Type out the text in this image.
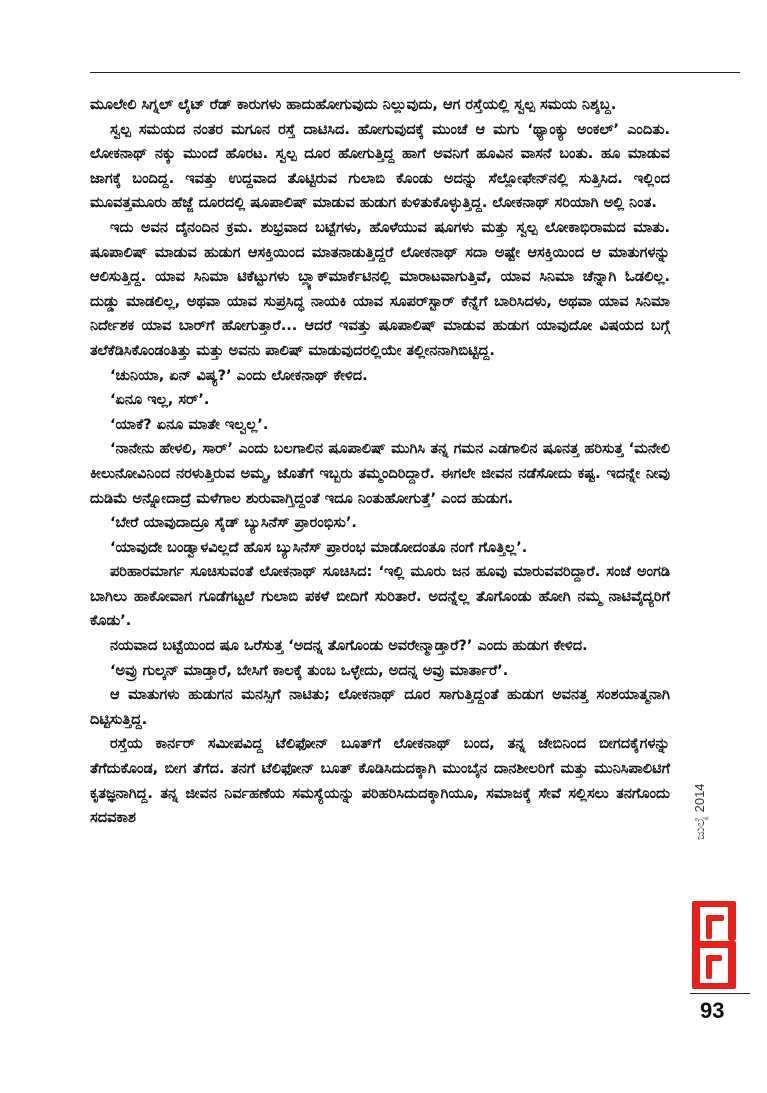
ಮೂಲೇಲಿ ಸಿಗ್ನಲ್ ಲೈಟ್ ರೆಡ್ ಕಾರುಗಳು ಹಾದುಹೋಗುವುದು ನಿಲ್ಲುವುದು, ಆಗ ರಸ್ತೆಯಲ್ಲಿ ಸ್ವಲ್ಪ ಸಮಯ ನಿಶ್ಶಬ್ದ.

ಸ್ವಲ್ಪ ಸಮಯದ ನಂತರ ಮಗೂನ ರಸ್ತೆ ದಾಟಿಸಿದ. ಹೋಗುವುದಕ್ಕೆ ಮುಂಚೆ ಆ ಮಗು ‘ಥ್ಯಾಂಕ್ಯು ಅಂಕಲ್’ ಎಂದಿತು. ಲೋಕನಾಥ್ ನಕ್ಕು ಮುಂದೆ ಹೊರಟ. ಸ್ವಲ್ಪ ದೂರ ಹೋಗುತ್ತಿದ್ದ ಹಾಗೆ ಅವನಿಗೆ ಹೂವಿನ ವಾಸನೆ ಬಂತು. ಹೂ ಮಾಡುವ ಜಾಗಕ್ಕೆ ಬಂದಿದ್ದ. ಇವತ್ತು ಉದ್ದವಾದ ತೊಟ್ಟಿರುವ ಗುಲಾಬಿ ಕೊಂಡು ಅದನ್ನು ಸೆಲ್ಲೋಫೇನ್‌ನಲ್ಲಿ ಸುತ್ತಿಸಿದ. ಇಲ್ಲಿಂದ ಮೂವತ್ತಮೂರು ಹೆಜ್ಜೆ ದೂರದಲ್ಲಿ ಷೂಪಾಲಿಷ್ ಮಾಡುವ ಹುಡುಗ ಕುಳಿತುಕೊಳ್ಳುತ್ತಿದ್ದ. ಲೋಕನಾಥ್ ಸರಿಯಾಗಿ ಅಲ್ಲಿ ನಿಂತ.

ಇದು ಅವನ ದೈನಂದಿನ ಕ್ರಮ. ಶುಭ್ರವಾದ ಬಟ್ಟೆಗಳು, ಹೊಳೆಯುವ ಷೂಗಳು ಮತ್ತು ಸ್ವಲ್ಪ ಲೋಕಾಭಿರಾಮದ ಮಾತು. ಷೂಪಾಲಿಷ್ ಮಾಡುವ ಹುಡುಗ ಆಸಕ್ತಿಯಿಂದ ಮಾತನಾಡುತ್ತಿದ್ದರೆ ಲೋಕನಾಥ್ ಸದಾ ಅಷ್ಟೇ ಆಸಕ್ತಿಯಿಂದ ಆ ಮಾತುಗಳನ್ನು ಆಲಿಸುತ್ತಿದ್ದ. ಯಾವ ಸಿನಿಮಾ ಟಿಕೆಟ್ಟುಗಳು ಬ್ಲ್ಯಾಕ್‌ಮಾರ್ಕೆಟಿನಲ್ಲಿ ಮಾರಾಟವಾಗುತ್ತಿವೆ, ಯಾವ ಸಿನಿಮಾ ಚೆನ್ನಾಗಿ ಓಡಲಿಲ್ಲ. ದುಡ್ಡು ಮಾಡಲಿಲ್ಲ, ಅಥವಾ ಯಾವ ಸುಪ್ರಸಿದ್ಧ ನಾಯಕಿ ಯಾವ ಸೂಪರ್‌ಸ್ಟಾರ್ ಕೆನ್ನೆಗೆ ಬಾರಿಸಿದಳು, ಅಥವಾ ಯಾವ ಸಿನಿಮಾ ನಿರ್ದೇಶಕ ಯಾವ ಬಾರ್‌ಗೆ ಹೋಗುತ್ತಾರೆ... ಆದರೆ ಇವತ್ತು ಷೂಪಾಲಿಷ್ ಮಾಡುವ ಹುಡುಗ ಯಾವುದೋ ವಿಷಯದ ಬಗ್ಗೆ ತಲೆಕೆಡಿಸಿಕೊಂಡಂತಿತ್ತು ಮತ್ತು ಅವನು ಪಾಲಿಷ್ ಮಾಡುವುದರಲ್ಲಿಯೇ ತಲ್ಲೀನನಾಗಿಬಿಟ್ಟಿದ್ದ.

‘ಚುನಿಯಾ, ಏನ್ ವಿಷ್ಯ?’ ಎಂದು ಲೋಕನಾಥ್ ಕೇಳಿದ.

‘ಏನೂ ಇಲ್ಲ, ಸರ್’.

‘ಯಾಕೆ? ಏನೂ ಮಾತೇ ಇಲ್ವಲ್ಲ’.

‘ನಾನೇನು ಹೇಳಲಿ, ಸಾರ್’ ಎಂದು ಬಲಗಾಲಿನ ಷೂಪಾಲಿಷ್ ಮುಗಿಸಿ ತನ್ನ ಗಮನ ಎಡಗಾಲಿನ ಷೂನತ್ತ ಹರಿಸುತ್ತ ‘ಮನೇಲಿ ಕೀಲುನೋವಿನಿಂದ ನರಳುತ್ತಿರುವ ಅಮ್ಮ, ಜೊತೆಗೆ ಇಬ್ಬರು ತಮ್ಮಂದಿರಿದ್ದಾರೆ. ಈಗಲೇ ಜೀವನ ನಡೆಸೋದು ಕಷ್ಟ. ಇದನ್ನೇ ನೀವು ದುಡಿಮೆ ಅನ್ನೋದಾದ್ರೆ ಮಳೆಗಾಲ ಶುರುವಾಗ್ತಿದ್ದಂತೆ ಇದೂ ನಿಂತುಹೋಗುತ್ತೆ’ ಎಂದ ಹುಡುಗ.

‘ಬೇರೆ ಯಾವುದಾದ್ರೂ ಸೈಡ್ ಬ್ಯುಸಿನೆಸ್ ಪ್ರಾರಂಭಿಸು’.

‘ಯಾವುದೇ ಬಂಡ್ವಾಳವಿಲ್ಲದೆ ಹೊಸ ಬ್ಯುಸಿನೆಸ್ ಪ್ರಾರಂಭ ಮಾಡೋದಂತೂ ನಂಗೆ ಗೊತ್ತಿಲ್ಲ’.

ಪರಿಹಾರಮಾರ್ಗ ಸೂಚಿಸುವಂತೆ ಲೋಕನಾಥ್ ಸೂಚಿಸಿದ: ‘ಇಲ್ಲಿ ಮೂರು ಜನ ಹೂವು ಮಾರುವವರಿದ್ದಾರೆ. ಸಂಜೆ ಅಂಗಡಿ ಬಾಗಿಲು ಹಾಕೋವಾಗ ಗೂಡೆಗಟ್ಟಲೆ ಗುಲಾಬಿ ಪಕಳೆ ಬೀದಿಗೆ ಸುರಿತಾರೆ. ಅದನ್ನೆಲ್ಲ ತೊಗೊಂಡು ಹೋಗಿ ನಮ್ಮ ನಾಟಿವೈದ್ಯರಿಗೆ ಕೊಡು’.

ನಯವಾದ ಬಟ್ಟೆಯಿಂದ ಷೂ ಒರೆಸುತ್ತ ‘ಅದನ್ನ ತೊಗೊಂಡು ಅವರೇನ್ಮಾಡ್ತಾರೆ?’ ಎಂದು ಹುಡುಗ ಕೇಳಿದ.

‘ಅವ್ರು ಗುಲ್ಕನ್ ಮಾಡ್ತಾರೆ, ಬೇಸಿಗೆ ಕಾಲಕ್ಕೆ ತುಂಬ ಒಳ್ಳೇದು, ಅದನ್ನ ಅವ್ರು ಮಾರ್ತಾರೆ’.

ಆ ಮಾತುಗಳು ಹುಡುಗನ ಮನಸ್ಸಿಗೆ ನಾಟಿತು; ಲೋಕನಾಥ್ ದೂರ ಸಾಗುತ್ತಿದ್ದಂತೆ ಹುಡುಗ ಅವನತ್ತ ಸಂಶಯಾತ್ಮನಾಗಿ ದಿಟ್ಟಿಸುತ್ತಿದ್ದ.

ರಸ್ತೆಯ ಕಾರ್ನರ್ ಸಮೀಪವಿದ್ದ ಟೆಲಿಫೋನ್ ಬೂತ್‌ಗೆ ಲೋಕನಾಥ್ ಬಂದ, ತನ್ನ ಜೇಬಿನಿಂದ ಬೀಗದಕೈಗಳನ್ನು ತೆಗೆದುಕೊಂಡ, ಬೀಗ ತೆಗೆದ. ತನಗೆ ಟೆಲಿಫೋನ್ ಬೂತ್ ಕೊಡಿಸಿದುದಕ್ಕಾಗಿ ಮುಂಬೈನ ದಾನಶೀಲರಿಗೆ ಮತ್ತು ಮುನಿಸಿಪಾಲಿಟಿಗೆ ಕೃತಜ್ಞನಾಗಿದ್ದ. ತನ್ನ ಜೀವನ ನಿರ್ವಹಣೆಯ ಸಮಸ್ಯೆಯನ್ನು ಪರಿಹರಿಸಿದುದಕ್ಕಾಗಿಯೂ, ಸಮಾಜಕ್ಕೆ ಸೇವೆ ಸಲ್ಲಿಸಲು ತನಗೊಂದು ಸದವಕಾಶ	ಜುಲೈ 2014
93
